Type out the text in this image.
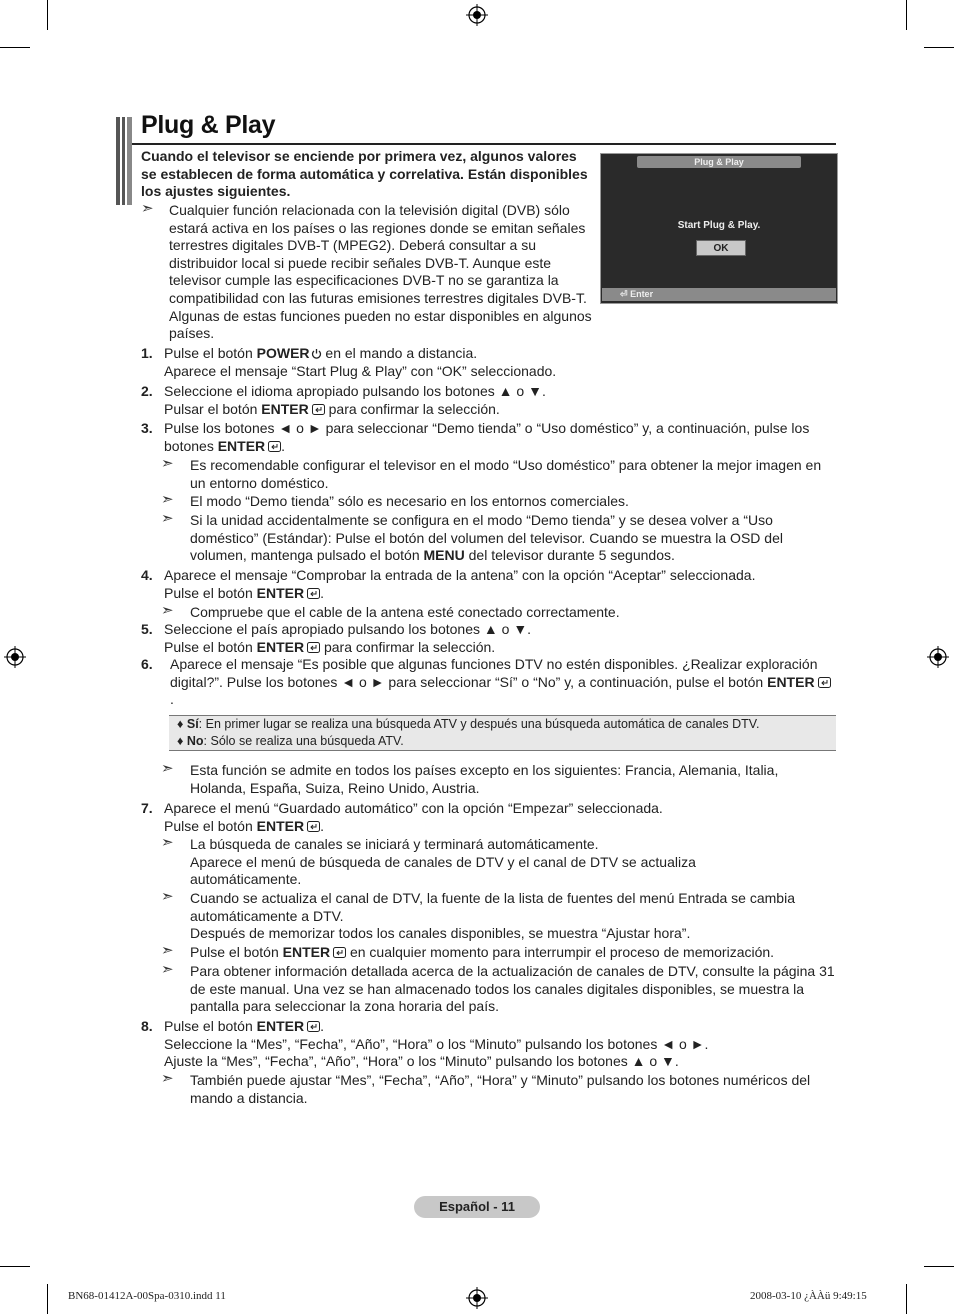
Plug & Play
Cuando el televisor se enciende por primera vez, algunos valores se establecen de forma automática y correlativa. Están disponibles los ajustes siguientes.
➣ Cualquier función relacionada con la televisión digital (DVB) sólo estará activa en los países o las regiones donde se emitan señales terrestres digitales DVB-T (MPEG2). Deberá consultar a su distribuidor local si puede recibir señales DVB-T. Aunque este televisor cumple las especificaciones DVB-T no se garantiza la compatibilidad con las futuras emisiones terrestres digitales DVB-T. Algunas de estas funciones pueden no estar disponibles en algunos países.
Plug & Play
Start Plug & Play.
OK
⏎ Enter
1. Pulse el botón POWER en el mando a distancia.
Aparece el mensaje “Start Plug & Play” con “OK” seleccionado.
2. Seleccione el idioma apropiado pulsando los botones ▲ o ▼.
Pulsar el botón ENTER para confirmar la selección.
3. Pulse los botones ◄ o ► para seleccionar “Demo tienda” o “Uso doméstico” y, a continuación, pulse los
botones ENTER .
➣ Es recomendable configurar el televisor en el modo “Uso doméstico” para obtener la mejor imagen en un entorno doméstico.
➣ El modo “Demo tienda” sólo es necesario en los entornos comerciales.
➣ Si la unidad accidentalmente se configura en el modo “Demo tienda” y se desea volver a “Uso doméstico” (Estándar): Pulse el botón del volumen del televisor. Cuando se muestra la OSD del volumen, mantenga pulsado el botón MENU del televisor durante 5 segundos.
4. Aparece el mensaje “Comprobar la entrada de la antena” con la opción “Aceptar” seleccionada.
Pulse el botón ENTER .
➣ Compruebe que el cable de la antena esté conectado correctamente.
5. Seleccione el país apropiado pulsando los botones ▲ o ▼.
Pulse el botón ENTER para confirmar la selección.
6. Aparece el mensaje “Es posible que algunas funciones DTV no estén disponibles. ¿Realizar exploración digital?”. Pulse los botones ◄ o ► para seleccionar “Sí” o “No” y, a continuación, pulse el botón ENTER.
♦ Sí: En primer lugar se realiza una búsqueda ATV y después una búsqueda automática de canales DTV.
♦ No: Sólo se realiza una búsqueda ATV.
➣ Esta función se admite en todos los países excepto en los siguientes: Francia, Alemania, Italia, Holanda, España, Suiza, Reino Unido, Austria.
7. Aparece el menú “Guardado automático” con la opción “Empezar” seleccionada.
Pulse el botón ENTER .
➣ La búsqueda de canales se iniciará y terminará automáticamente.
Aparece el menú de búsqueda de canales de DTV y el canal de DTV se actualiza automáticamente.
➣ Cuando se actualiza el canal de DTV, la fuente de la lista de fuentes del menú Entrada se cambia automáticamente a DTV.
Después de memorizar todos los canales disponibles, se muestra “Ajustar hora”.
➣ Pulse el botón ENTER en cualquier momento para interrumpir el proceso de memorización.
➣ Para obtener información detallada acerca de la actualización de canales de DTV, consulte la página 31 de este manual. Una vez se han almacenado todos los canales digitales disponibles, se muestra la pantalla para seleccionar la zona horaria del país.
8. Pulse el botón ENTER .
Seleccione la “Mes”, “Fecha”, “Año”, “Hora” o los “Minuto” pulsando los botones ◄ o ►.
Ajuste la “Mes”, “Fecha”, “Año”, “Hora” o los “Minuto” pulsando los botones ▲ o ▼.
➣ También puede ajustar “Mes”, “Fecha”, “Año”, “Hora” y “Minuto” pulsando los botones numéricos del mando a distancia.
Español - 11
BN68-01412A-00Spa-0310.indd 11	2008-03-10 ¿ÀÀü 9:49:15
